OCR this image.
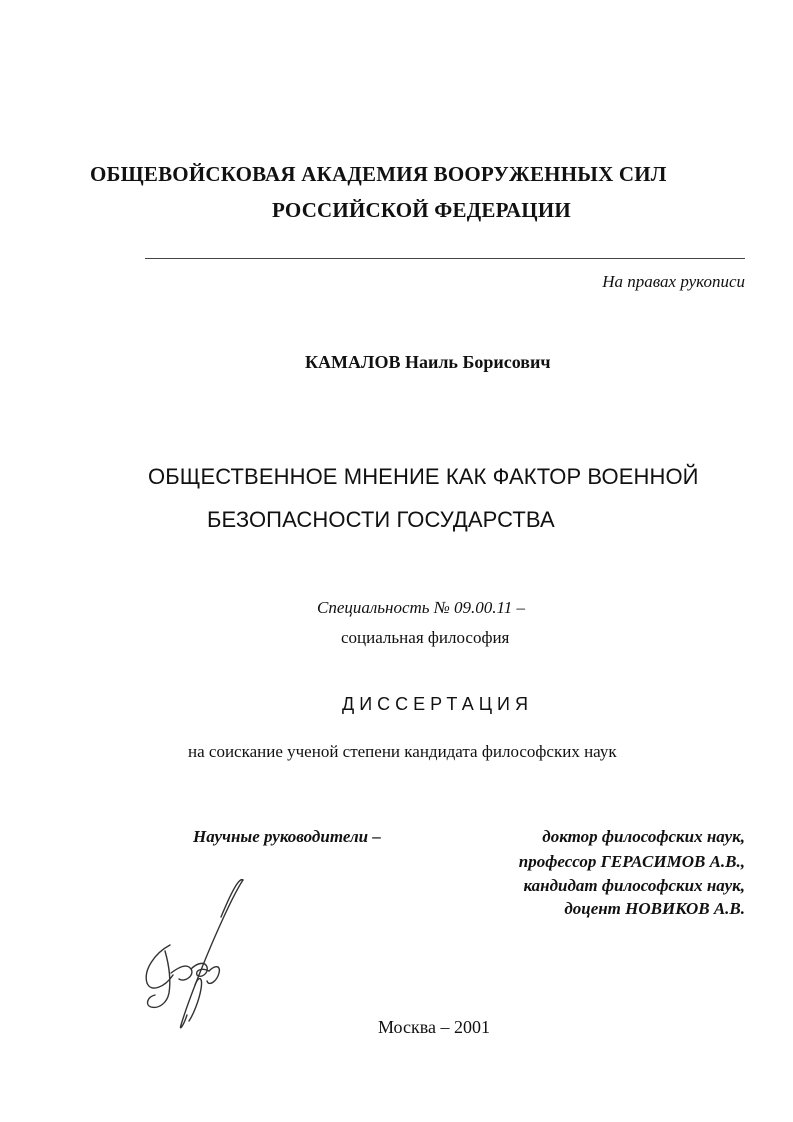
ОБЩЕВОЙСКОВАЯ АКАДЕМИЯ ВООРУЖЕННЫХ СИЛ
РОССИЙСКОЙ ФЕДЕРАЦИИ
На правах рукописи
КАМАЛОВ Наиль Борисович
ОБЩЕСТВЕННОЕ МНЕНИЕ КАК ФАКТОР ВОЕННОЙ
БЕЗОПАСНОСТИ ГОСУДАРСТВА
Специальность № 09.00.11 –
социальная философия
ДИССЕРТАЦИЯ
на соискание ученой степени кандидата философских наук
Научные руководители –	доктор философских наук,
профессор ГЕРАСИМОВ А.В.,
кандидат философских наук,
доцент НОВИКОВ А.В.
Москва – 2001
